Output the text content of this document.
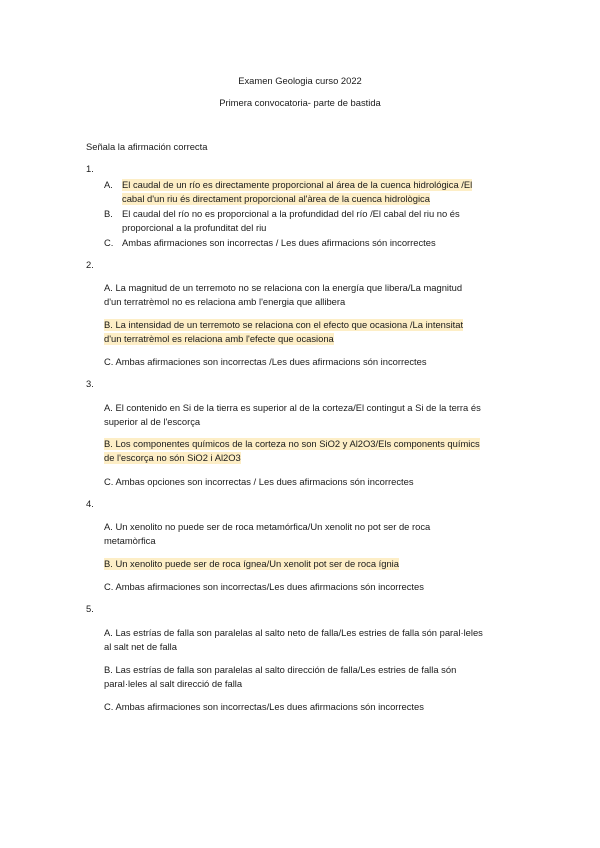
Examen Geologia curso 2022
Primera convocatoria- parte de bastida
Señala la afirmación correcta
1.
A. El caudal de un río es directamente proporcional al área de la cuenca hidrológica /El
cabal d'un riu és directament proporcional al'àrea de la cuenca hidrològica
B. El caudal del río no es proporcional a la profundidad del río /El cabal del riu no és
proporcional a la profunditat del riu
C. Ambas afirmaciones son incorrectas / Les dues afirmacions són incorrectes
2.
A. La magnitud de un terremoto no se relaciona con la energía que libera/La magnitud
d'un terratrèmol no es relaciona amb l'energia que allibera
B. La intensidad de un terremoto se relaciona con el efecto que ocasiona /La intensitat
d'un terratrèmol es relaciona amb l'efecte que ocasiona
C. Ambas afirmaciones son incorrectas /Les dues afirmacions són incorrectes
3.
A. El contenido en Si de la tierra es superior al de la corteza/El contingut a Si de la terra és
superior al de l'escorça
B. Los componentes químicos de la corteza no son SiO2 y Al2O3/Els components químics
de l'escorça no són SiO2 i Al2O3
C. Ambas opciones son incorrectas / Les dues afirmacions són incorrectes
4.
A. Un xenolito no puede ser de roca metamórfica/Un xenolit no pot ser de roca
metamòrfica
B. Un xenolito puede ser de roca ígnea/Un xenolit pot ser de roca ígnia
C. Ambas afirmaciones son incorrectas/Les dues afirmacions són incorrectes
5.
A. Las estrías de falla son paralelas al salto neto de falla/Les estries de falla són paral·leles
al salt net de falla
B. Las estrías de falla son paralelas al salto dirección de falla/Les estries de falla són
paral·leles al salt direcció de falla
C. Ambas afirmaciones son incorrectas/Les dues afirmacions són incorrectes
